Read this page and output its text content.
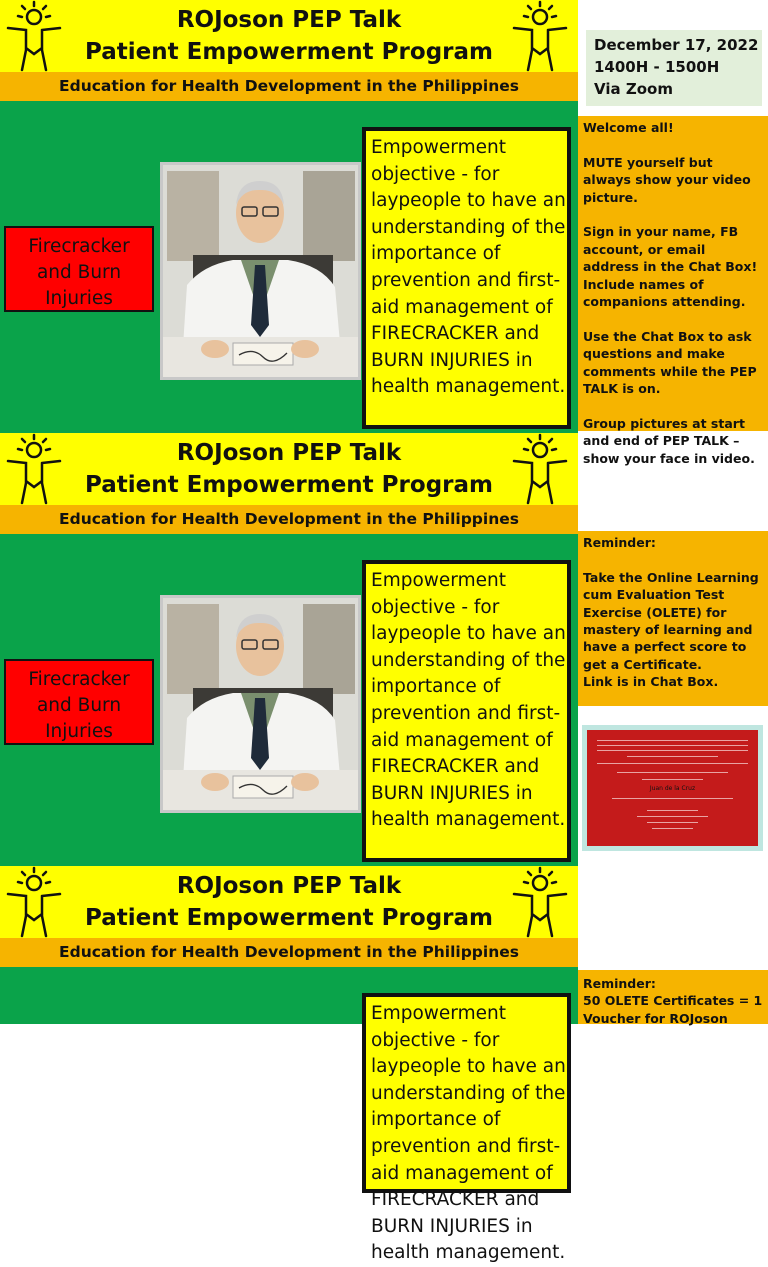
ROJoson PEP Talk
Patient Empowerment Program
Education for Health Development in the Philippines
Firecracker
and Burn
Injuries
Empowerment objective - for laypeople to have an understanding of the importance of prevention and first-aid management of FIRECRACKER and BURN INJURIES in health management.
December 17, 2022
1400H - 1500H
Via Zoom

Welcome all!

MUTE yourself but always show your video picture.

Sign in your name, FB account, or email address in the Chat Box! Include names of companions attending.

Use the Chat Box to ask questions and make comments while the PEP TALK is on.

Group pictures at start and end of PEP TALK – show your face in video.

ROJoson PEP Talk
Patient Empowerment Program
Education for Health Development in the Philippines
Firecracker
and Burn
Injuries
Empowerment objective - for laypeople to have an understanding of the importance of prevention and first-aid management of FIRECRACKER and BURN INJURIES in health management.

Reminder:

Take the Online Learning cum Evaluation Test Exercise (OLETE) for mastery of learning and have a perfect score to get a Certificate.
Link is in Chat Box.

Juan de la Cruz
ROJoson PEP Talk
Patient Empowerment Program
Education for Health Development in the Philippines
Empowerment objective - for laypeople to have an understanding of the importance of prevention and first-aid management of FIRECRACKER and BURN INJURIES in health management.

Reminder:
50 OLETE Certificates = 1 Voucher for ROJoson
